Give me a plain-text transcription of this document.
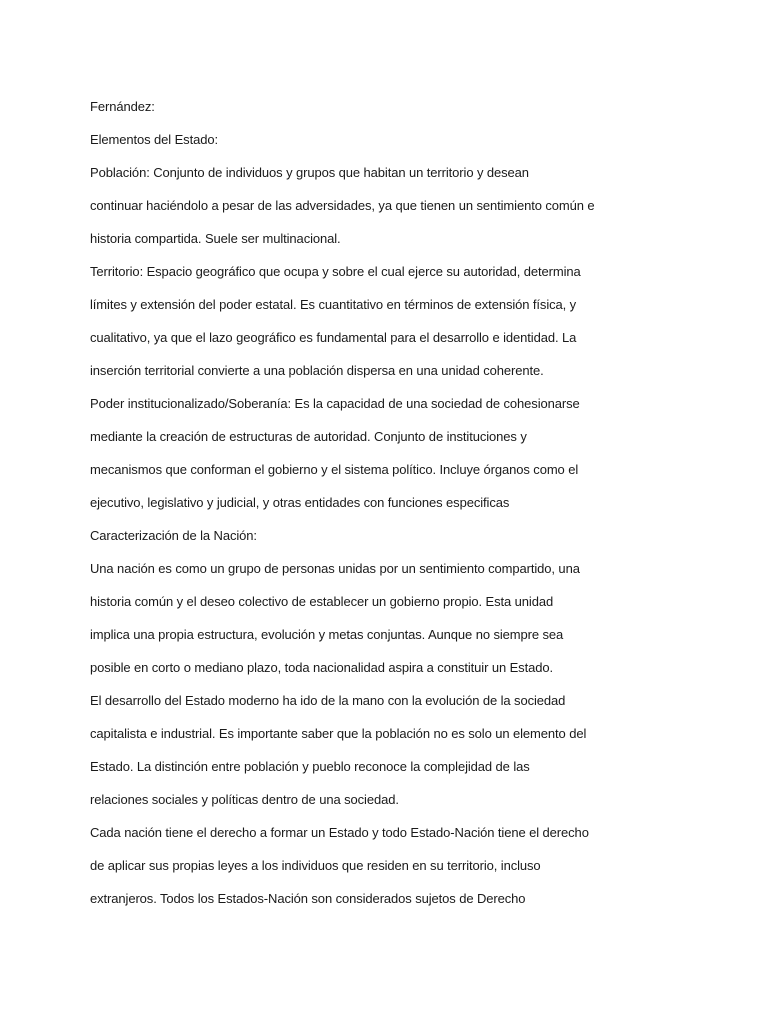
Fernández:
Elementos del Estado:
Población: Conjunto de individuos y grupos que habitan un territorio y desean
continuar haciéndolo a pesar de las adversidades, ya que tienen un sentimiento común e
historia compartida. Suele ser multinacional.
Territorio: Espacio geográfico que ocupa y sobre el cual ejerce su autoridad, determina
límites y extensión del poder estatal. Es cuantitativo en términos de extensión física, y
cualitativo, ya que el lazo geográfico es fundamental para el desarrollo e identidad. La
inserción territorial convierte a una población dispersa en una unidad coherente.
Poder institucionalizado/Soberanía: Es la capacidad de una sociedad de cohesionarse
mediante la creación de estructuras de autoridad. Conjunto de instituciones y
mecanismos que conforman el gobierno y el sistema político. Incluye órganos como el
ejecutivo, legislativo y judicial, y otras entidades con funciones especificas
Caracterización de la Nación:
Una nación es como un grupo de personas unidas por un sentimiento compartido, una
historia común y el deseo colectivo de establecer un gobierno propio. Esta unidad
implica una propia estructura, evolución y metas conjuntas. Aunque no siempre sea
posible en corto o mediano plazo, toda nacionalidad aspira a constituir un Estado.
El desarrollo del Estado moderno ha ido de la mano con la evolución de la sociedad
capitalista e industrial. Es importante saber que la población no es solo un elemento del
Estado. La distinción entre población y pueblo reconoce la complejidad de las
relaciones sociales y políticas dentro de una sociedad.
Cada nación tiene el derecho a formar un Estado y todo Estado-Nación tiene el derecho
de aplicar sus propias leyes a los individuos que residen en su territorio, incluso
extranjeros. Todos los Estados-Nación son considerados sujetos de Derecho
